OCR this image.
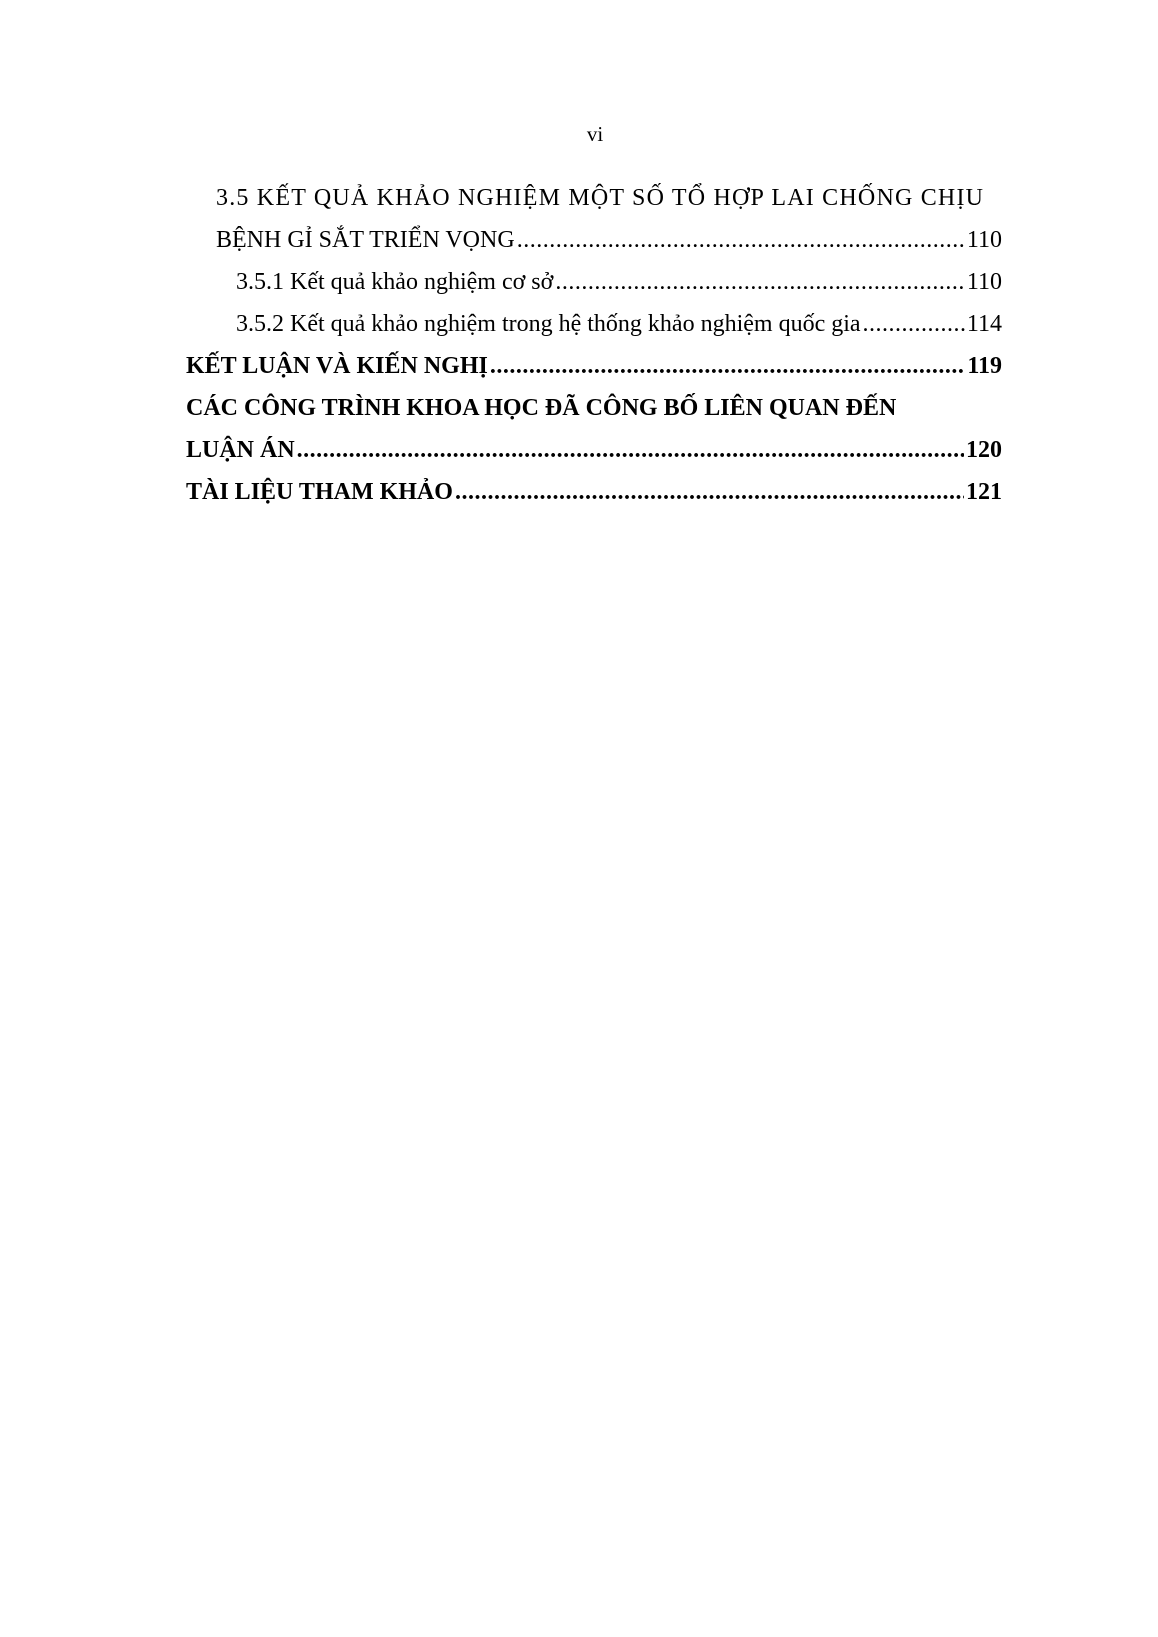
vi
3.5 KẾT QUẢ KHẢO NGHIỆM MỘT SỐ TỔ HỢP LAI CHỐNG CHỊU
BỆNH GỈ SẮT TRIỂN VỌNG .....	110
3.5.1 Kết quả khảo nghiệm cơ sở .....	110
3.5.2 Kết quả khảo nghiệm trong hệ thống khảo nghiệm quốc gia .....	114
KẾT LUẬN VÀ KIẾN NGHỊ .....	119
CÁC CÔNG TRÌNH KHOA HỌC ĐÃ CÔNG BỐ LIÊN QUAN ĐẾN
LUẬN ÁN .....	120
TÀI LIỆU THAM KHẢO .....	121
